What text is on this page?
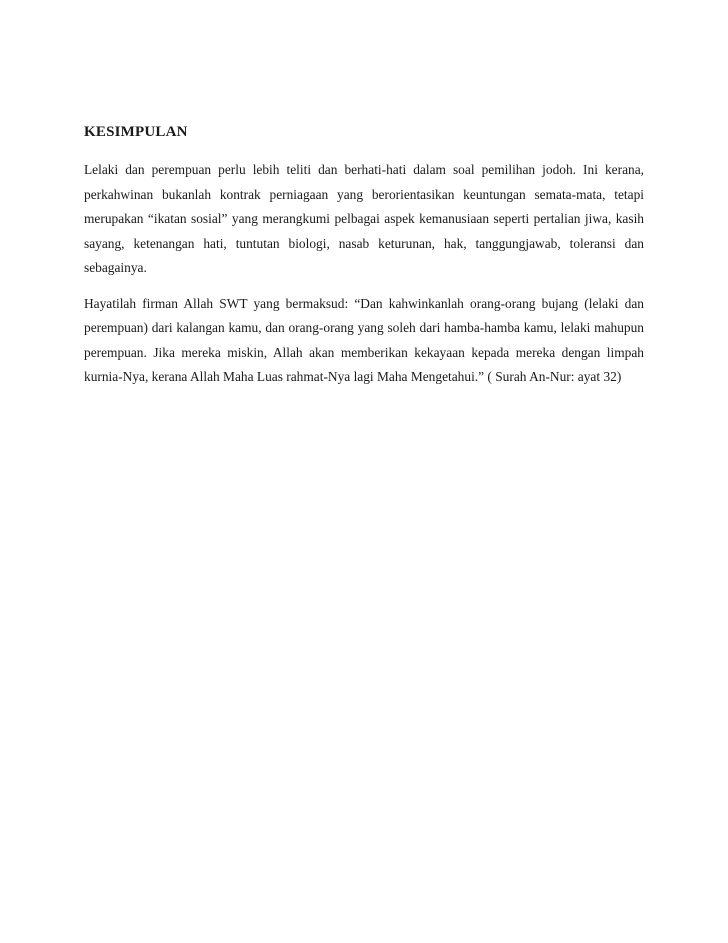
KESIMPULAN

Lelaki dan perempuan perlu lebih teliti dan berhati-hati dalam soal pemilihan jodoh. Ini kerana, perkahwinan bukanlah kontrak perniagaan yang berorientasikan keuntungan semata-mata, tetapi merupakan “ikatan sosial” yang merangkumi pelbagai aspek kemanusiaan seperti pertalian jiwa, kasih sayang, ketenangan hati, tuntutan biologi, nasab keturunan, hak, tanggungjawab, toleransi dan sebagainya.

Hayatilah firman Allah SWT yang bermaksud: “Dan kahwinkanlah orang-orang bujang (lelaki dan perempuan) dari kalangan kamu, dan orang-orang yang soleh dari hamba-hamba kamu, lelaki mahupun perempuan. Jika mereka miskin, Allah akan memberikan kekayaan kepada mereka dengan limpah kurnia-Nya, kerana Allah Maha Luas rahmat-Nya lagi Maha Mengetahui.” ( Surah An-Nur: ayat 32)
